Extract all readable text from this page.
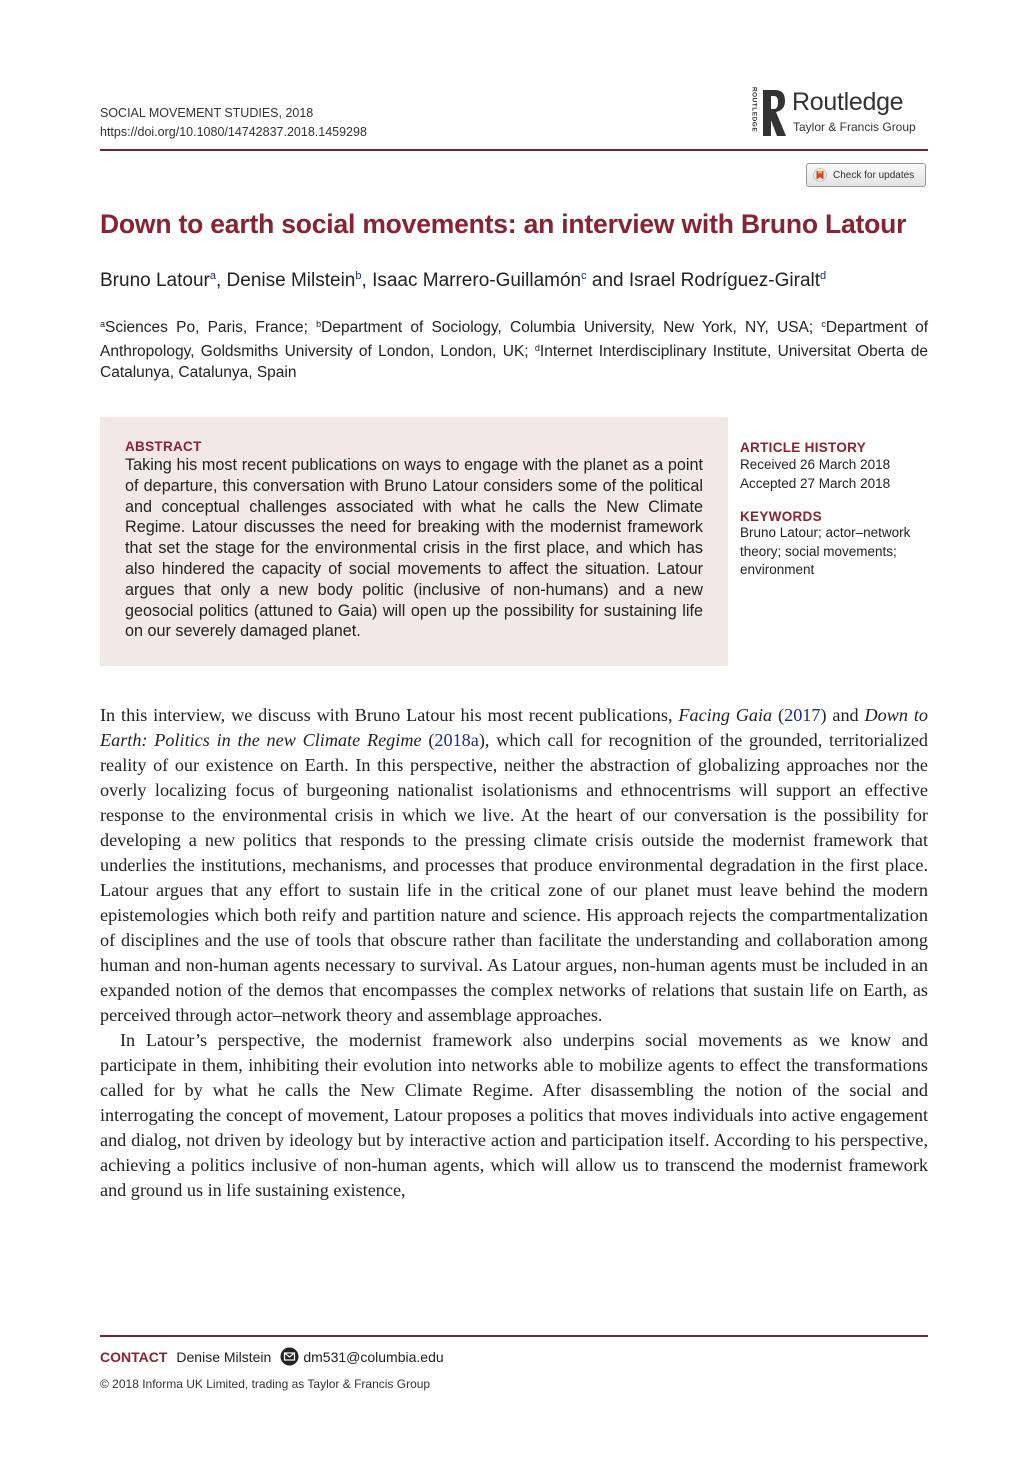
SOCIAL MOVEMENT STUDIES, 2018
https://doi.org/10.1080/14742837.2018.1459298	ROUTLEDGE Routledge
Taylor & Francis Group
Check for updates
Down to earth social movements: an interview with Bruno Latour
Bruno Latour$^a$, Denise Milstein$^b$, Isaac Marrero-Guillamón$^c$ and Israel Rodríguez-Giralt$^d$
$^a$Sciences Po, Paris, France; $^b$Department of Sociology, Columbia University, New York, NY, USA; $^c$Department of Anthropology, Goldsmiths University of London, London, UK; $^d$Internet Interdisciplinary Institute, Universitat Oberta de Catalunya, Catalunya, Spain
ABSTRACT
Taking his most recent publications on ways to engage with the planet as a point of departure, this conversation with Bruno Latour considers some of the political and conceptual challenges associated with what he calls the New Climate Regime. Latour discusses the need for breaking with the modernist framework that set the stage for the environmental crisis in the first place, and which has also hindered the capacity of social movements to affect the situation. Latour argues that only a new body politic (inclusive of non-humans) and a new geosocial politics (attuned to Gaia) will open up the possibility for sustaining life on our severely damaged planet.
ARTICLE HISTORY
Received 26 March 2018
Accepted 27 March 2018
KEYWORDS
Bruno Latour; actor–network theory; social movements; environment

In this interview, we discuss with Bruno Latour his most recent publications, Facing Gaia (2017) and Down to Earth: Politics in the new Climate Regime (2018a), which call for recognition of the grounded, territorialized reality of our existence on Earth. In this perspective, neither the abstraction of globalizing approaches nor the overly localizing focus of burgeoning nationalist isolationisms and ethnocentrisms will support an effective response to the environmental crisis in which we live. At the heart of our conversation is the possibility for developing a new politics that responds to the pressing climate crisis outside the modernist framework that underlies the institutions, mechanisms, and processes that produce environmental degradation in the first place. Latour argues that any effort to sustain life in the critical zone of our planet must leave behind the modern epistemologies which both reify and partition nature and science. His approach rejects the compartmentalization of disciplines and the use of tools that obscure rather than facilitate the understanding and collaboration among human and non-human agents necessary to survival. As Latour argues, non-human agents must be included in an expanded notion of the demos that encompasses the complex networks of relations that sustain life on Earth, as perceived through actor–network theory and assemblage approaches.

In Latour’s perspective, the modernist framework also underpins social movements as we know and participate in them, inhibiting their evolution into networks able to mobilize agents to effect the transformations called for by what he calls the New Climate Regime. After disassembling the notion of the social and interrogating the concept of movement, Latour proposes a politics that moves individuals into active engagement and dialog, not driven by ideology but by interactive action and participation itself. According to his perspective, achieving a politics inclusive of non-human agents, which will allow us to transcend the modernist framework and ground us in life sustaining existence,

CONTACT Denise Milstein dm531@columbia.edu
© 2018 Informa UK Limited, trading as Taylor & Francis Group
